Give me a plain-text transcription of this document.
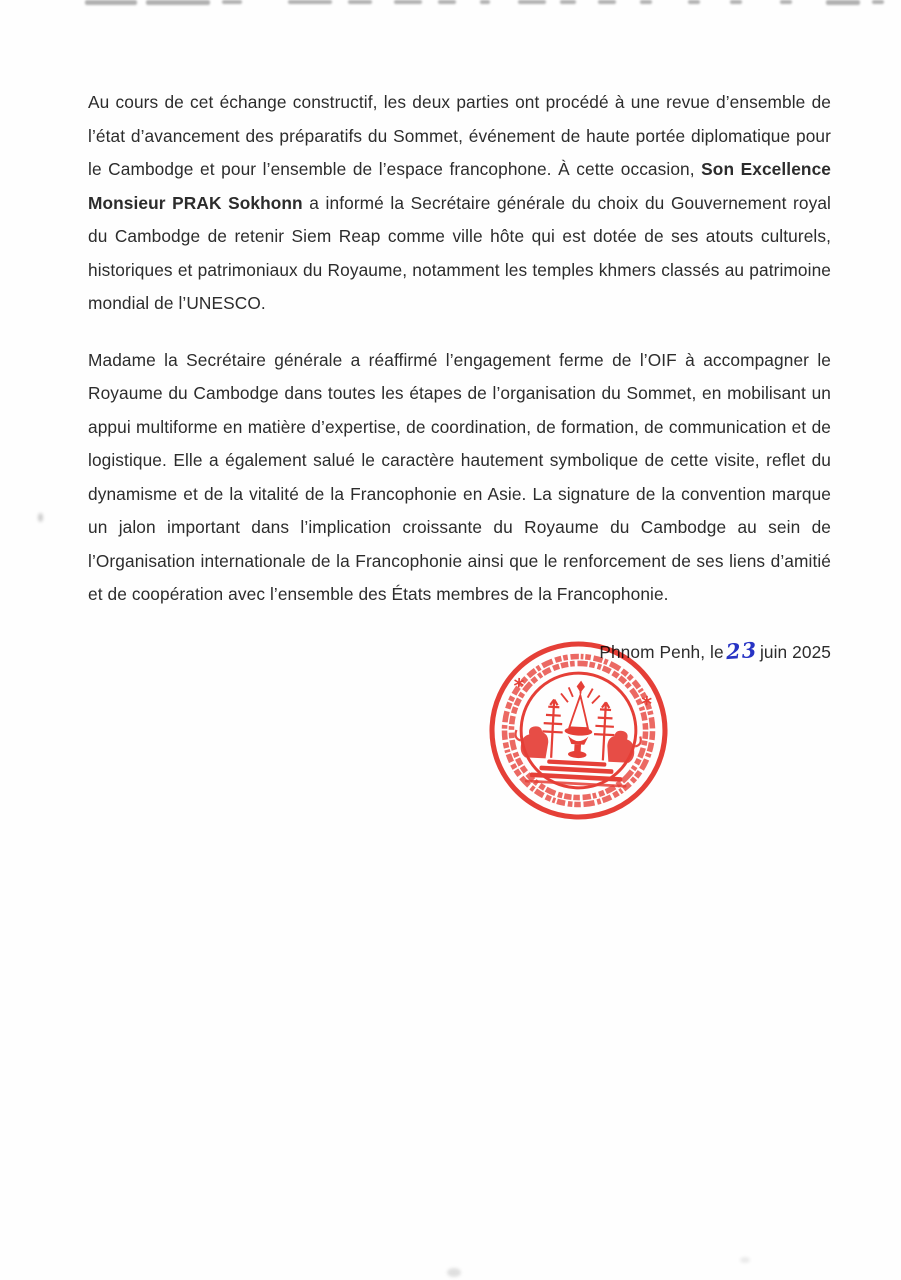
Au cours de cet échange constructif, les deux parties ont procédé à une revue d’ensemble de l’état d’avancement des préparatifs du Sommet, événement de haute portée diplomatique pour le Cambodge et pour l’ensemble de l’espace francophone. À cette occasion, Son Excellence Monsieur PRAK Sokhonn a informé la Secrétaire générale du choix du Gouvernement royal du Cambodge de retenir Siem Reap comme ville hôte qui est dotée de ses atouts culturels, historiques et patrimoniaux du Royaume, notamment les temples khmers classés au patrimoine mondial de l’UNESCO.

Madame la Secrétaire générale a réaffirmé l’engagement ferme de l’OIF à accompagner le Royaume du Cambodge dans toutes les étapes de l’organisation du Sommet, en mobilisant un appui multiforme en matière d’expertise, de coordination, de formation, de communication et de logistique. Elle a également salué le caractère hautement symbolique de cette visite, reflet du dynamisme et de la vitalité de la Francophonie en Asie. La signature de la convention marque un jalon important dans l’implication croissante du Royaume du Cambodge au sein de l’Organisation internationale de la Francophonie ainsi que le renforcement de ses liens d’amitié et de coopération avec l’ensemble des États membres de la Francophonie.

Phnom Penh, le23 juin 2025
*
*
